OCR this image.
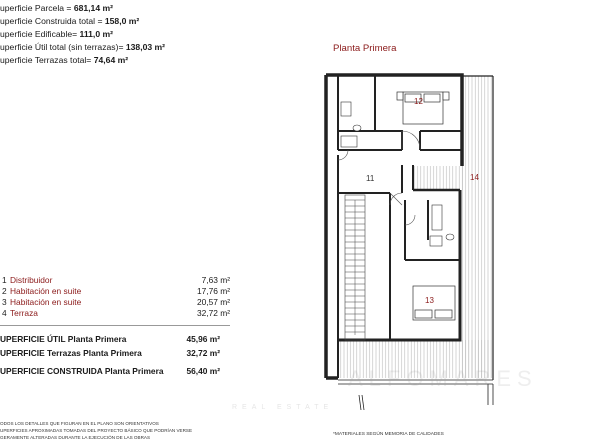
uperficie Parcela = 681,14 m²
uperficie Construida total = 158,0 m²
uperficie Edificable= 111,0 m²
uperficie Útil total (sin terrazas)= 138,03 m²
uperficie Terrazas total= 74,64 m²
1 Distribuidor	7,63 m²
2 Habitación en suite	17,76 m²
3 Habitación en suite	20,57 m²
4 Terraza	32,72 m²
UPERFICIE ÚTIL Planta Primera	45,96 m²
UPERFICIE Terrazas Planta Primera	32,72 m²
UPERFICIE CONSTRUIDA Planta Primera	56,40 m²
ODOS LOS DETALLES QUE FIGURAN EN EL PLANO SON ORIENTATIVOS
UPERFICIES APROXIMADAS TOMADAS DEL PROYECTO BÁSICO QUE PODRÍAN VERSE
GERAMENTE ALTERADAS DURANTE LA EJECUCIÓN DE LAS OBRAS
Planta Primera
12
11
13
14
ALFOMARES
REAL ESTATE
*MATERIALES SEGÚN MEMORIA DE CALIDADES
